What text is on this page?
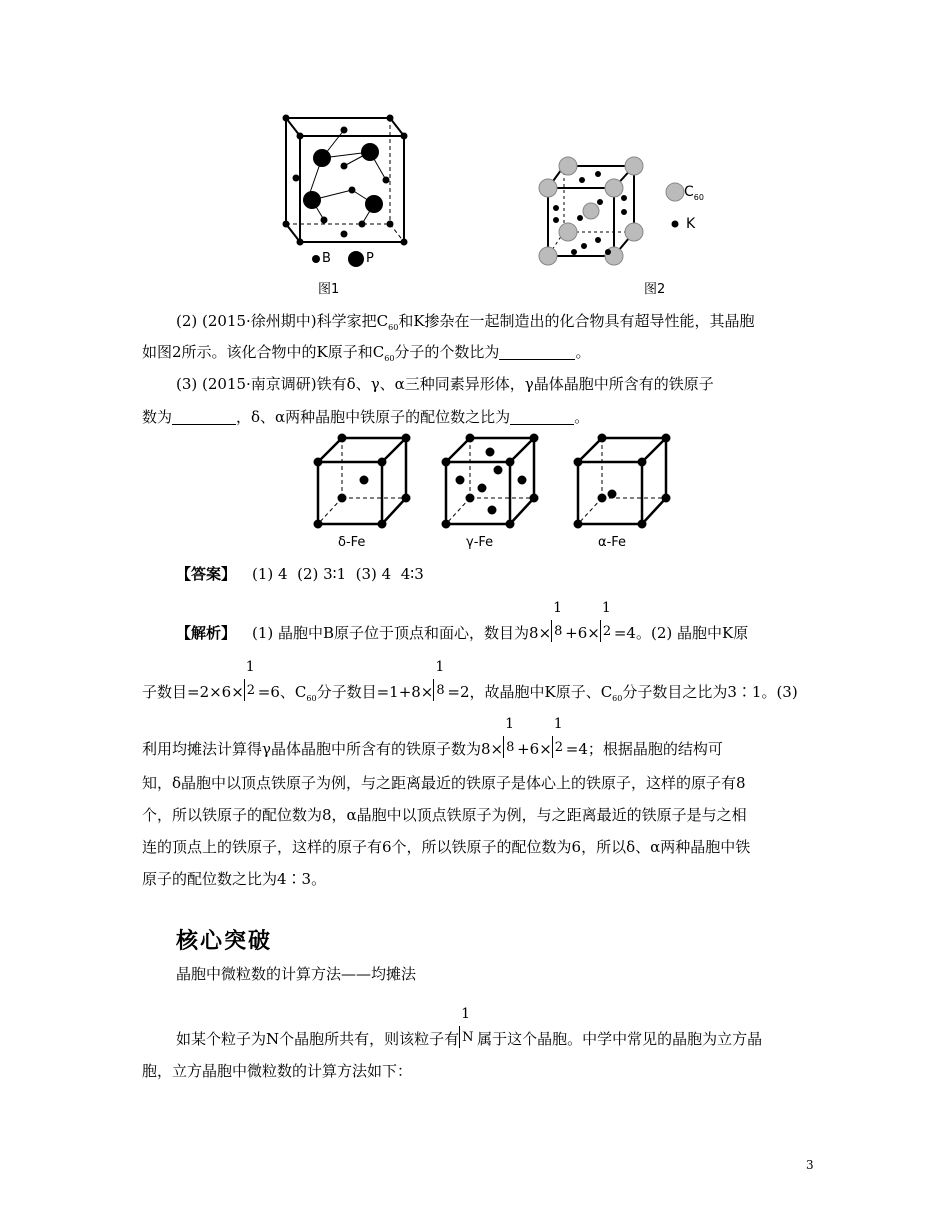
B	P
图1
$C_{60}$
K
图2
(2) (2015·徐州期中)科学家把$C_{60}$和K掺杂在一起制造出的化合物具有超导性能，其晶胞
如图2所示。该化合物中的K原子和$C_{60}$分子的个数比为	。
(3) (2015·南京调研)铁有δ、γ、α三种同素异形体，γ晶体晶胞中所含有的铁原子
数为	，δ、α两种晶胞中铁原子的配位数之比为	。
δ-Fe	γ-Fe	α-Fe
【答案】 (1) 4  (2) 3∶1  (3) 4  4∶3
【解析】 (1) 晶胞中B原子位于顶点和面心，数目为8×
1
8 +6×
1
2 =4。(2) 晶胞中K原
子数目=2×6×
1
2 =6、$C_{60}$分子数目=1+8×
1
8 =2，故晶胞中K原子、$C_{60}$分子数目之比为3∶1。(3)
利用均摊法计算得γ晶体晶胞中所含有的铁原子数为8×
1
8 +6×
1
2 =4；根据晶胞的结构可
知，δ晶胞中以顶点铁原子为例，与之距离最近的铁原子是体心上的铁原子，这样的原子有8
个，所以铁原子的配位数为8，α晶胞中以顶点铁原子为例，与之距离最近的铁原子是与之相
连的顶点上的铁原子，这样的原子有6个，所以铁原子的配位数为6，所以δ、α两种晶胞中铁
原子的配位数之比为4∶3。
核心突破
晶胞中微粒数的计算方法——均摊法
如某个粒子为N个晶胞所共有，则该粒子有
1
N 属于这个晶胞。中学中常见的晶胞为立方晶
胞，立方晶胞中微粒数的计算方法如下：
3
